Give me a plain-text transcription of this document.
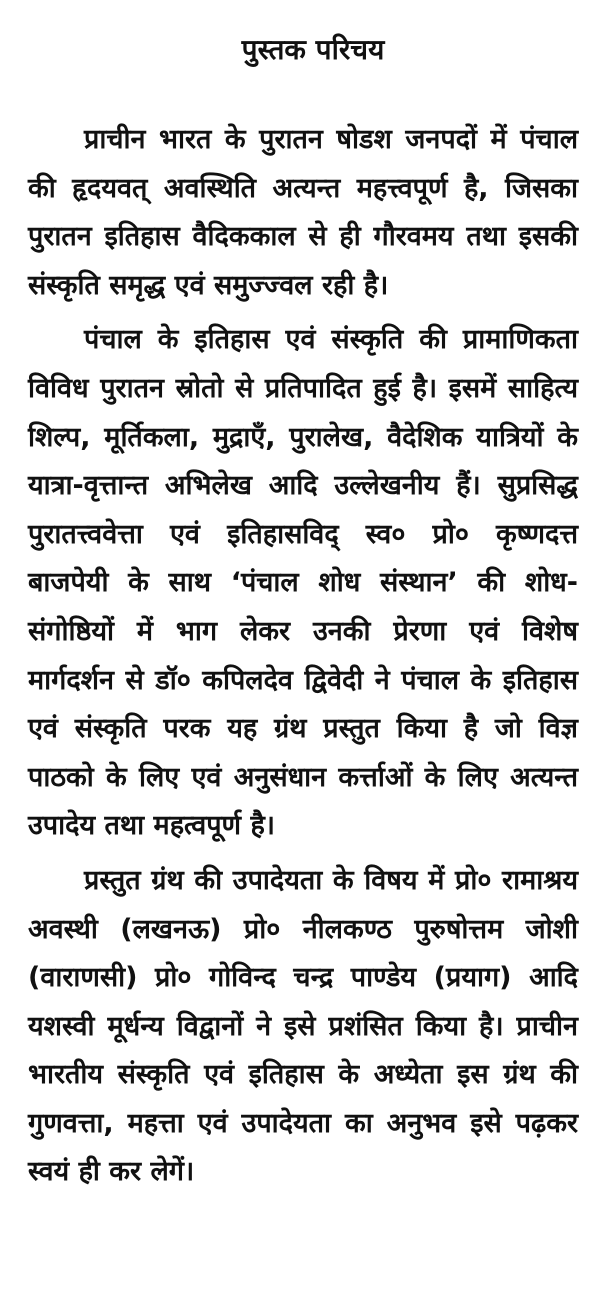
पुस्तक परिचय

प्राचीन भारत के पुरातन षोडश जनपदों में पंचाल की हृदयवत् अवस्थिति अत्यन्त महत्त्वपूर्ण है, जिसका पुरातन इतिहास वैदिककाल से ही गौरवमय तथा इसकी संस्कृति समृद्ध एवं समुज्ज्वल रही है।

पंचाल के इतिहास एवं संस्कृति की प्रामाणिकता विविध पुरातन स्रोतो से प्रतिपादित हुई है। इसमें साहित्य शिल्प, मूर्तिकला, मुद्राएँ, पुरालेख, वैदेशिक यात्रियों के यात्रा-वृत्तान्त अभिलेख आदि उल्लेखनीय हैं। सुप्रसिद्ध पुरातत्त्ववेत्ता एवं इतिहासविद् स्व० प्रो० कृष्णदत्त बाजपेयी के साथ ‘पंचाल शोध संस्थान’ की शोध-संगोष्ठियों में भाग लेकर उनकी प्रेरणा एवं विशेष मार्गदर्शन से डॉ० कपिलदेव द्विवेदी ने पंचाल के इतिहास एवं संस्कृति परक यह ग्रंथ प्रस्तुत किया है जो विज्ञ पाठको के लिए एवं अनुसंधान कर्त्ताओं के लिए अत्यन्त उपादेय तथा महत्वपूर्ण है।

प्रस्तुत ग्रंथ की उपादेयता के विषय में प्रो० रामाश्रय अवस्थी (लखनऊ) प्रो० नीलकण्ठ पुरुषोत्तम जोशी (वाराणसी) प्रो० गोविन्द चन्द्र पाण्डेय (प्रयाग) आदि यशस्वी मूर्धन्य विद्वानों ने इसे प्रशंसित किया है। प्राचीन भारतीय संस्कृति एवं इतिहास के अध्येता इस ग्रंथ की गुणवत्ता, महत्ता एवं उपादेयता का अनुभव इसे पढ़कर स्वयं ही कर लेगें।
